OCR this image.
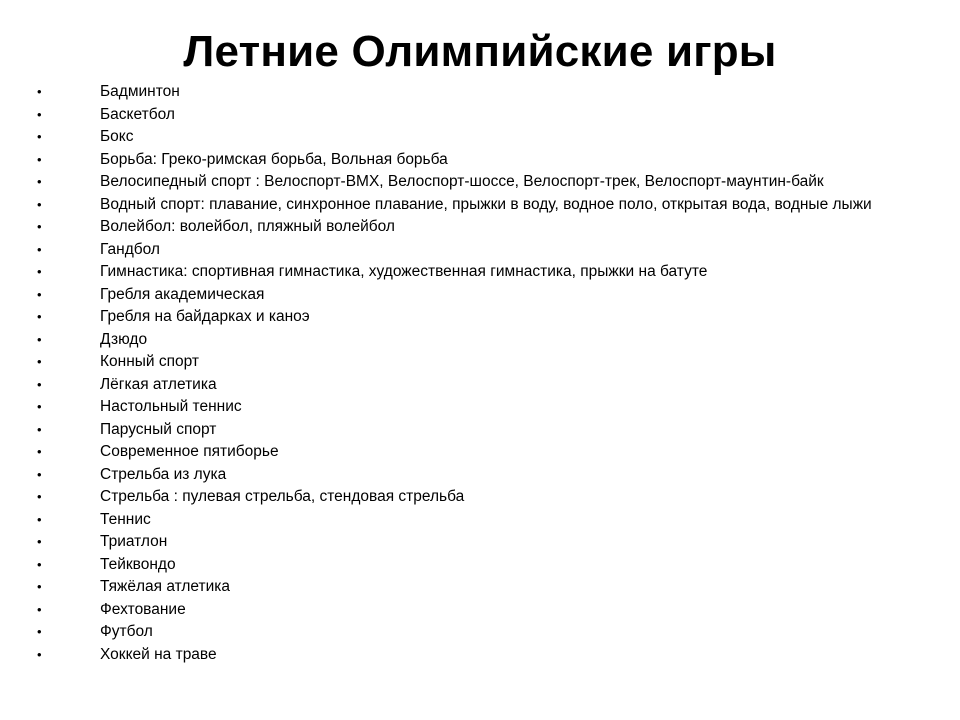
Летние Олимпийские игры
•	Бадминтон
•	Баскетбол
•	Бокс
•	Борьба: Греко-римская борьба, Вольная борьба
•	Велосипедный спорт : Велоспорт-BMX, Велоспорт-шоссе, Велоспорт-трек, Велоспорт-маунтин-байк
•	Водный спорт: плавание, синхронное плавание, прыжки в воду, водное поло, открытая вода, водные лыжи
•	Волейбол: волейбол, пляжный волейбол
•	Гандбол
•	Гимнастика: спортивная гимнастика, художественная гимнастика, прыжки на батуте
•	Гребля академическая
•	Гребля на байдарках и каноэ
•	Дзюдо
•	Конный спорт
•	Лёгкая атлетика
•	Настольный теннис
•	Парусный спорт
•	Современное пятиборье
•	Стрельба из лука
•	Стрельба : пулевая стрельба, стендовая стрельба
•	Теннис
•	Триатлон
•	Тейквондо
•	Тяжёлая атлетика
•	Фехтование
•	Футбол
•	Хоккей на траве
